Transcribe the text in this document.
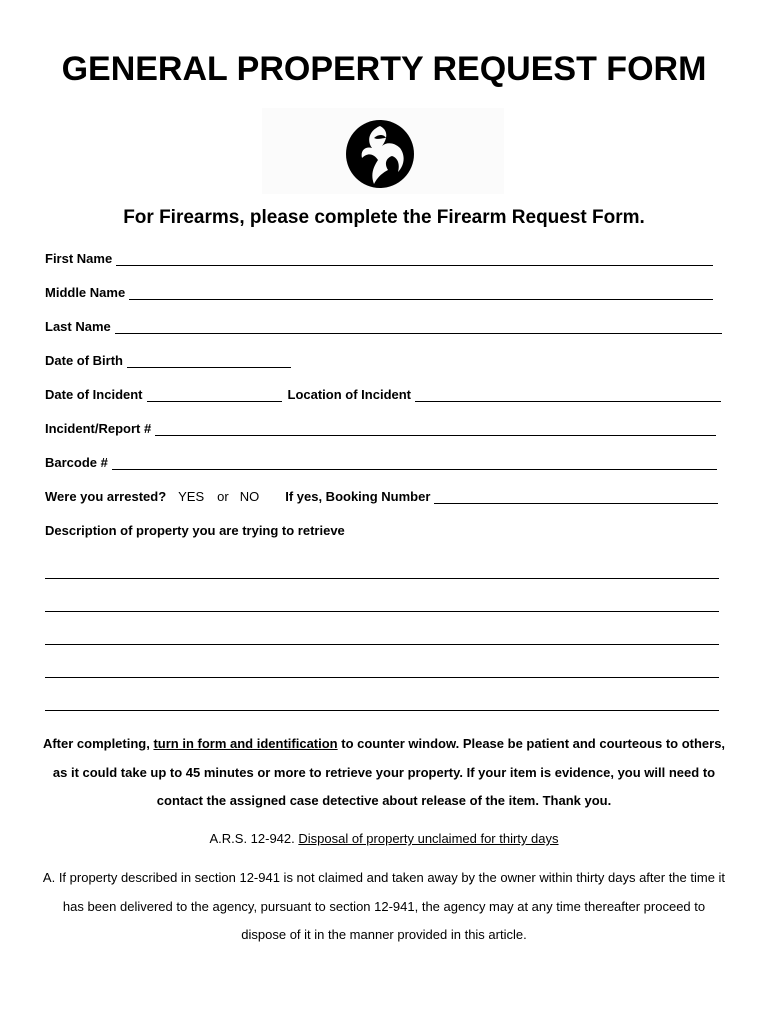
GENERAL PROPERTY REQUEST FORM
For Firearms, please complete the Firearm Request Form.
First Name
Middle Name
Last Name
Date of Birth
Date of Incident	Location of Incident
Incident/Report #
Barcode #
Were you arrested? YES or NO If yes, Booking Number
Description of property you are trying to retrieve
After completing, turn in form and identification to counter window. Please be patient and courteous to others, as it could take up to 45 minutes or more to retrieve your property. If your item is evidence, you will need to contact the assigned case detective about release of the item. Thank you.
A.R.S. 12-942. Disposal of property unclaimed for thirty days
A. If property described in section 12-941 is not claimed and taken away by the owner within thirty days after the time it has been delivered to the agency, pursuant to section 12-941, the agency may at any time thereafter proceed to dispose of it in the manner provided in this article.
